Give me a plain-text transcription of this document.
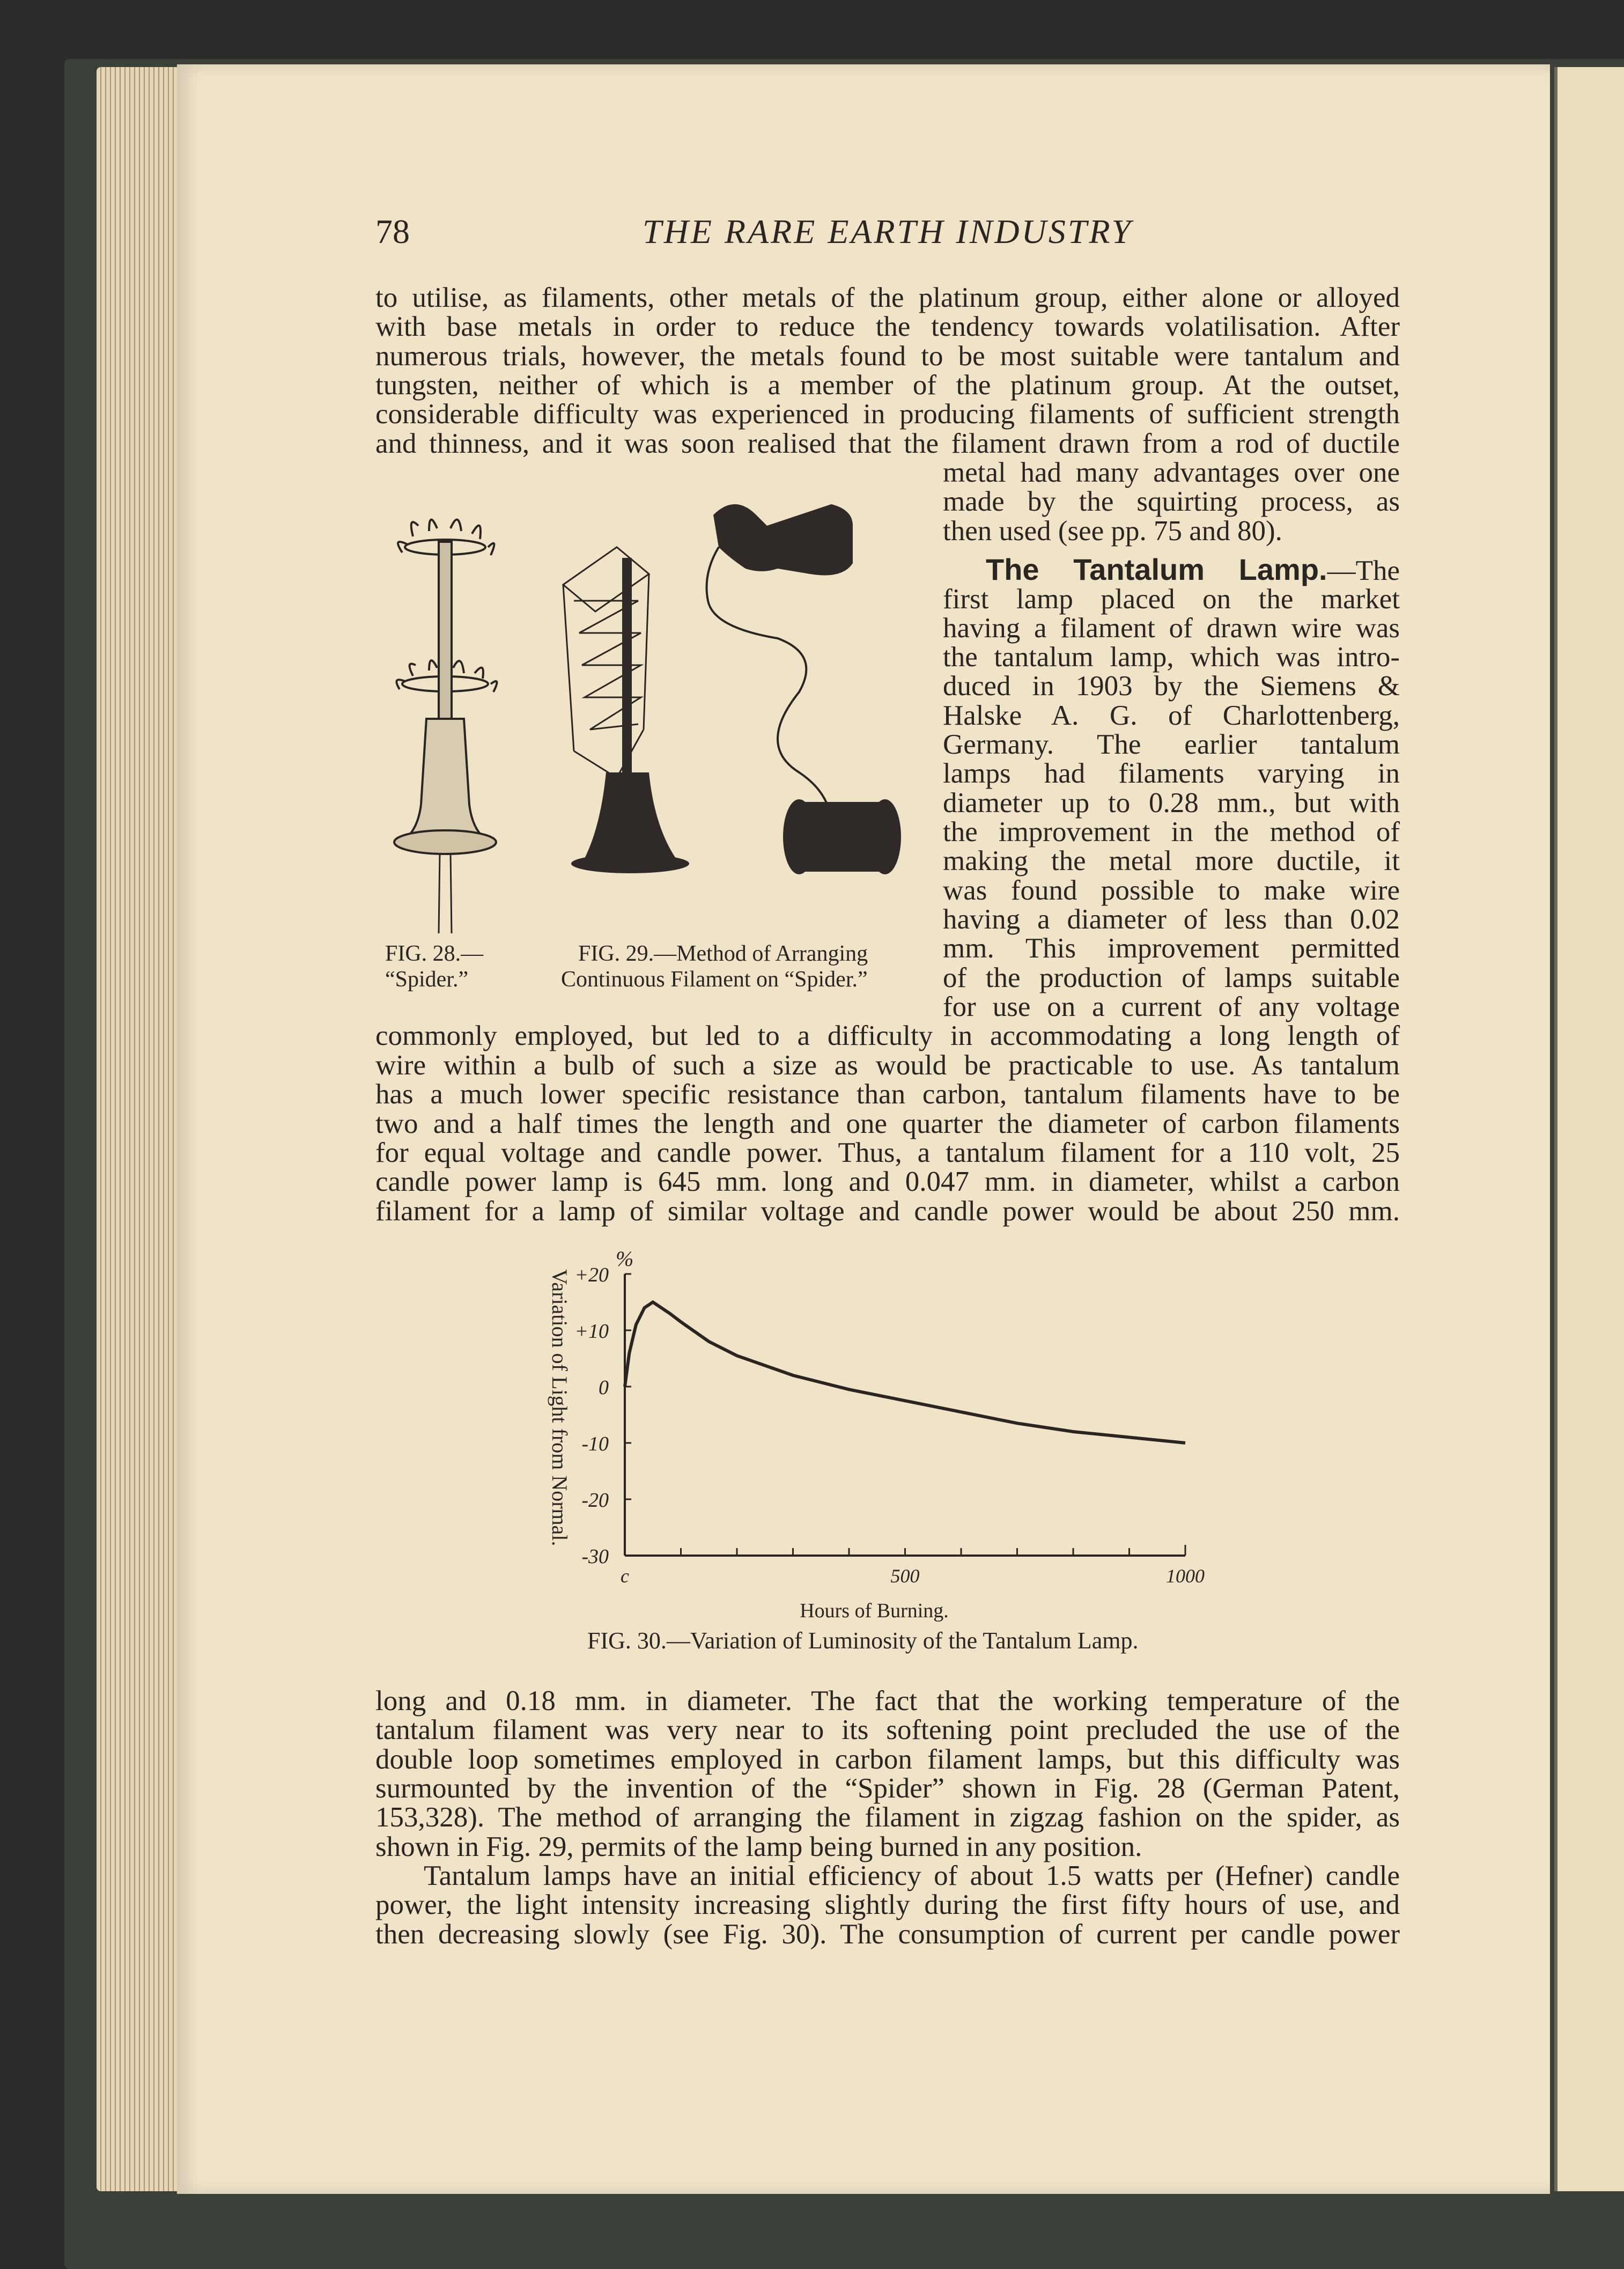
78	THE RARE EARTH INDUSTRY
to utilise, as filaments, other metals of the platinum group, either alone or alloyed
with base metals in order to reduce the tendency towards volatilisation. After
numerous trials, however, the metals found to be most suitable were tantalum and
tungsten, neither of which is a member of the platinum group. At the outset,
considerable difficulty was experienced in producing filaments of sufficient strength
and thinness, and it was soon realised that the filament drawn from a rod of ductile
metal had many advantages over one
made by the squirting process, as
then used (see pp. 75 and 80).
The Tantalum Lamp.—The
first lamp placed on the market
having a filament of drawn wire was
the tantalum lamp, which was intro-
duced in 1903 by the Siemens &
Halske A. G. of Charlottenberg,
Germany. The earlier tantalum
lamps had filaments varying in
diameter up to 0.28 mm., but with
the improvement in the method of
making the metal more ductile, it
was found possible to make wire
having a diameter of less than 0.02
mm. This improvement permitted
of the production of lamps suitable
for use on a current of any voltage
commonly employed, but led to a difficulty in accommodating a long length of
wire within a bulb of such a size as would be practicable to use. As tantalum
has a much lower specific resistance than carbon, tantalum filaments have to be
two and a half times the length and one quarter the diameter of carbon filaments
for equal voltage and candle power. Thus, a tantalum filament for a 110 volt, 25
candle power lamp is 645 mm. long and 0.047 mm. in diameter, whilst a carbon
filament for a lamp of similar voltage and candle power would be about 250 mm.
long and 0.18 mm. in diameter. The fact that the working temperature of the
tantalum filament was very near to its softening point precluded the use of the
double loop sometimes employed in carbon filament lamps, but this difficulty was
surmounted by the invention of the “Spider” shown in Fig. 28 (German Patent,
153,328). The method of arranging the filament in zigzag fashion on the spider, as
shown in Fig. 29, permits of the lamp being burned in any position.
Tantalum lamps have an initial efficiency of about 1.5 watts per (Hefner) candle
power, the light intensity increasing slightly during the first fifty hours of use, and
then decreasing slowly (see Fig. 30). The consumption of current per candle power
FIG. 28.—
“Spider.”
FIG. 29.—Method of Arranging
Continuous Filament on “Spider.”
Variation of Light from Normal.
%
+20
+10
0
-10
-20
-30
c	500	1000
Hours of Burning.
FIG. 30.—Variation of Luminosity of the Tantalum Lamp.
